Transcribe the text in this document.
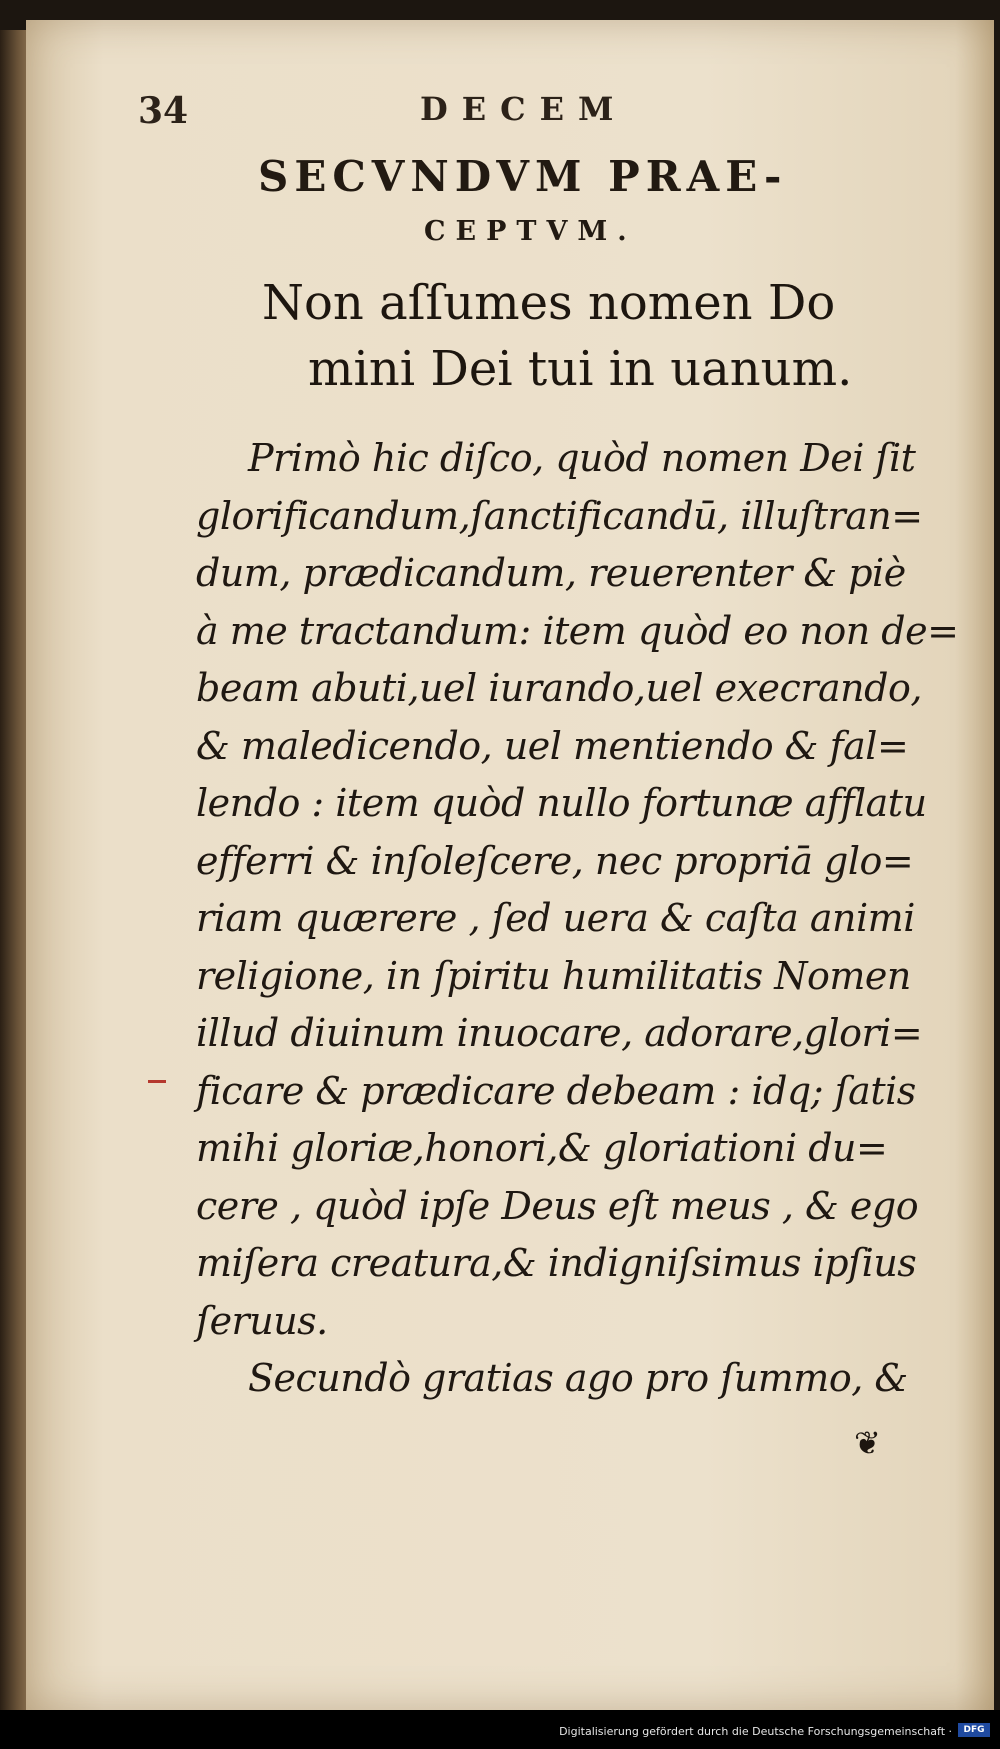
34	DECEM
SECVNDVM PRAE-
CEPTVM.
Non aſſumes nomen Do
mini Dei tui in uanum.
Primò hic diſco, quòd nomen Dei ſit
glorificandum,ſanctificandū, illuſtran=
dum, prædicandum, reuerenter & piè
à me tractandum: item quòd eo non de=
beam abuti,uel iurando,uel execrando,
& maledicendo, uel mentiendo & fal=
lendo : item quòd nullo fortunæ afflatu
efferri & inſoleſcere, nec propriā glo=
riam quærere , ſed uera & caſta animi
religione, in ſpiritu humilitatis Nomen
illud diuinum inuocare, adorare,glori=
ficare & prædicare debeam : idq; ſatis
mihi gloriæ,honori,& gloriationi du=
cere , quòd ipſe Deus eſt meus , & ego
miſera creatura,& indigniſsimus ipſius
ſeruus.
Secundò gratias ago pro ſummo, &
❦
Digitalisierung gefördert durch die Deutsche Forschungsgemeinschaft ·	DFG
